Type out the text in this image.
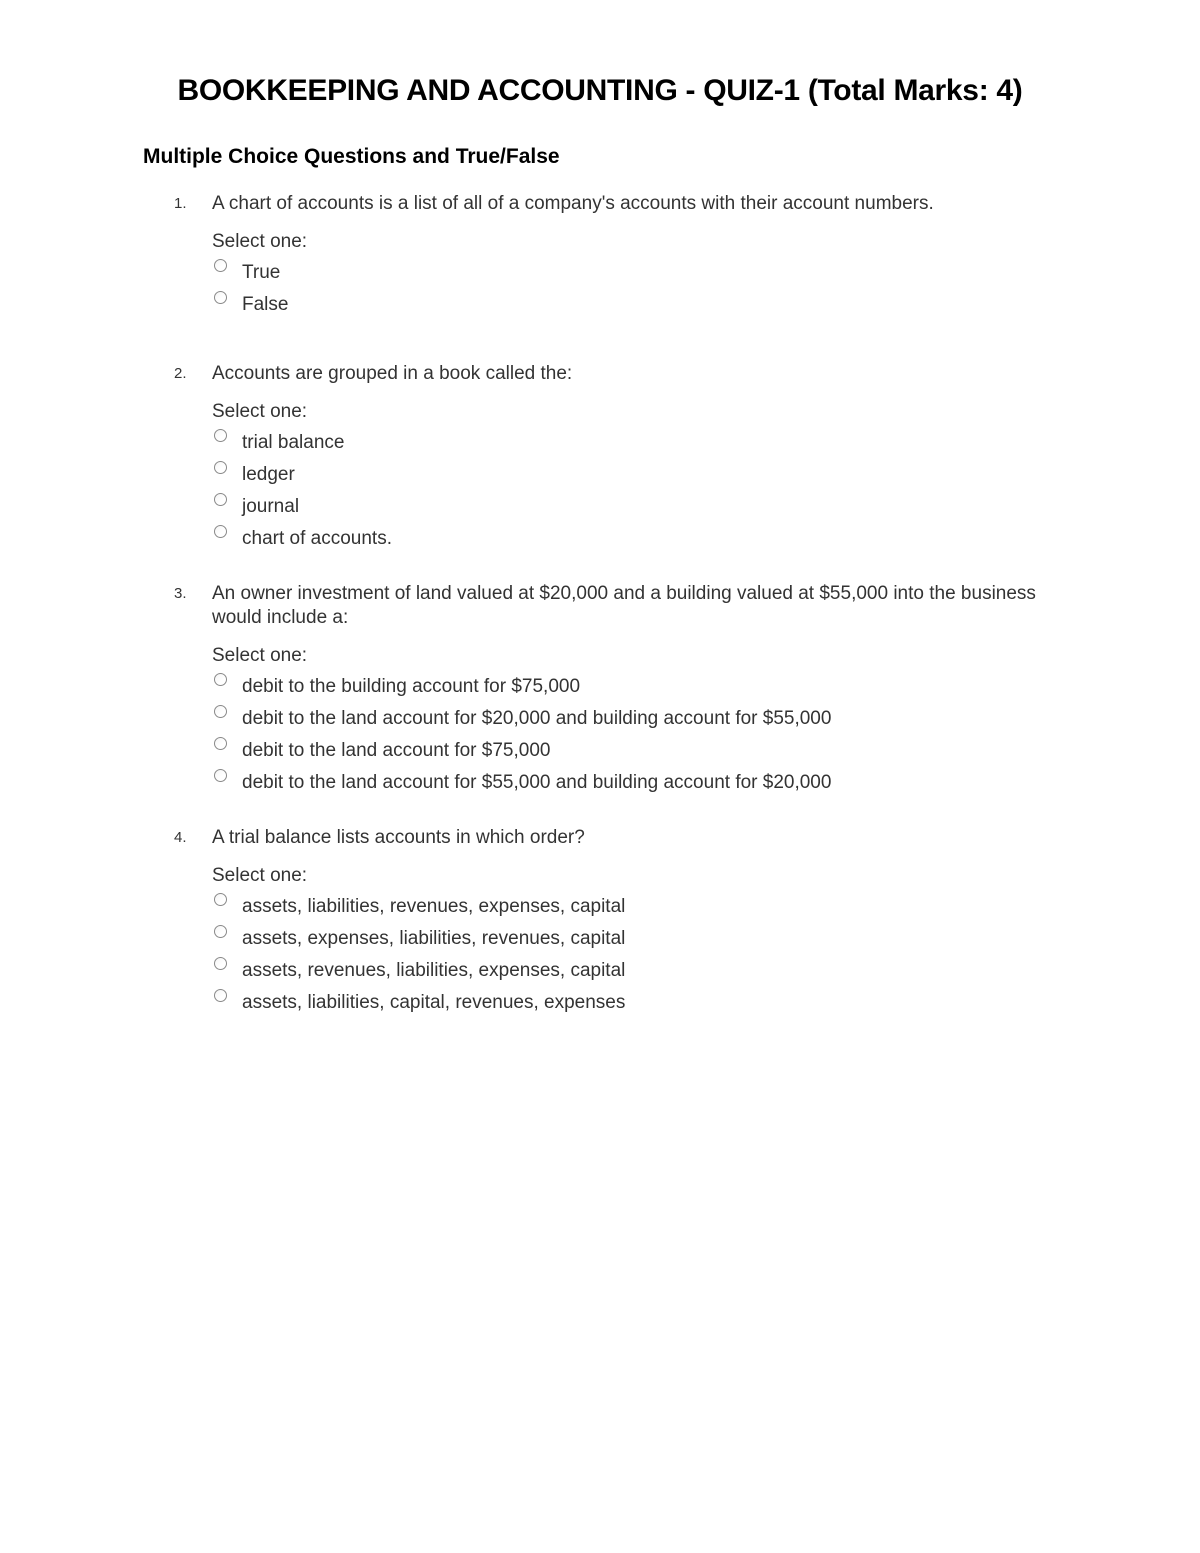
BOOKKEEPING AND ACCOUNTING - QUIZ-1 (Total Marks: 4)
Multiple Choice Questions and True/False
1. A chart of accounts is a list of all of a company's accounts with their account numbers.
Select one:
True
False
2. Accounts are grouped in a book called the:
Select one:
trial balance
ledger
journal
chart of accounts.
3. An owner investment of land valued at $20,000 and a building valued at $55,000 into the business would include a:
Select one:
debit to the building account for $75,000
debit to the land account for $20,000 and building account for $55,000
debit to the land account for $75,000
debit to the land account for $55,000 and building account for $20,000
4. A trial balance lists accounts in which order?
Select one:
assets, liabilities, revenues, expenses, capital
assets, expenses, liabilities, revenues, capital
assets, revenues, liabilities, expenses, capital
assets, liabilities, capital, revenues, expenses
